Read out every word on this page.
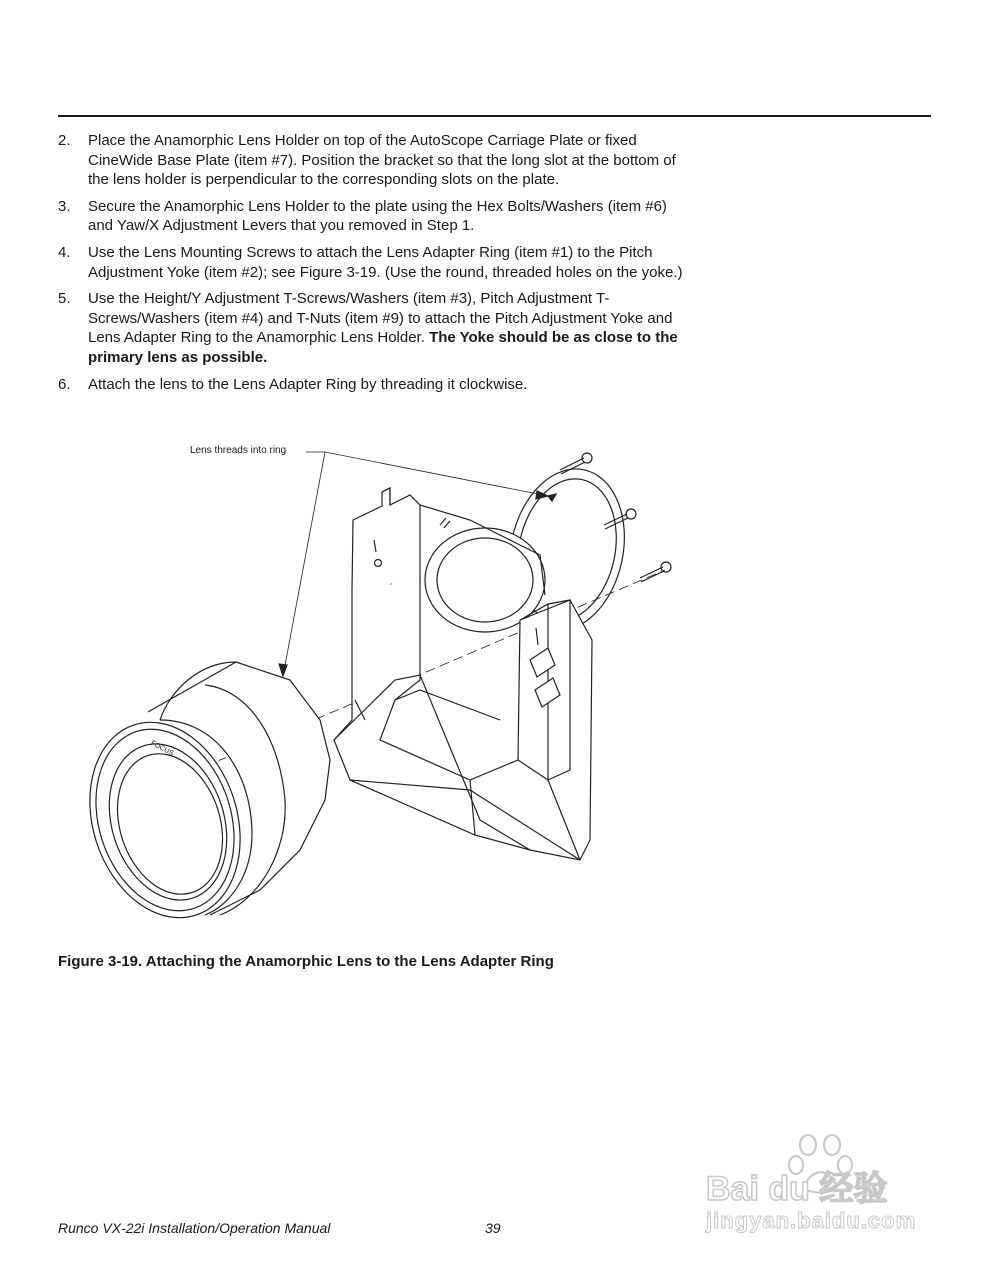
2. Place the Anamorphic Lens Holder on top of the AutoScope Carriage Plate or fixed CineWide Base Plate (item #7). Position the bracket so that the long slot at the bottom of the lens holder is perpendicular to the corresponding slots on the plate.
3. Secure the Anamorphic Lens Holder to the plate using the Hex Bolts/Washers (item #6) and Yaw/X Adjustment Levers that you removed in Step 1.
4. Use the Lens Mounting Screws to attach the Lens Adapter Ring (item #1) to the Pitch Adjustment Yoke (item #2); see Figure 3-19. (Use the round, threaded holes on the yoke.)
5. Use the Height/Y Adjustment T-Screws/Washers (item #3), Pitch Adjustment T-Screws/Washers (item #4) and T-Nuts (item #9) to attach the Pitch Adjustment Yoke and Lens Adapter Ring to the Anamorphic Lens Holder. The Yoke should be as close to the primary lens as possible.
6. Attach the lens to the Lens Adapter Ring by threading it clockwise.
FOCUS
Lens threads into ring
Figure 3-19. Attaching the Anamorphic Lens to the Lens Adapter Ring
Runco VX-22i Installation/Operation Manual	39
Bai du 经验
jingyan.baidu.com
